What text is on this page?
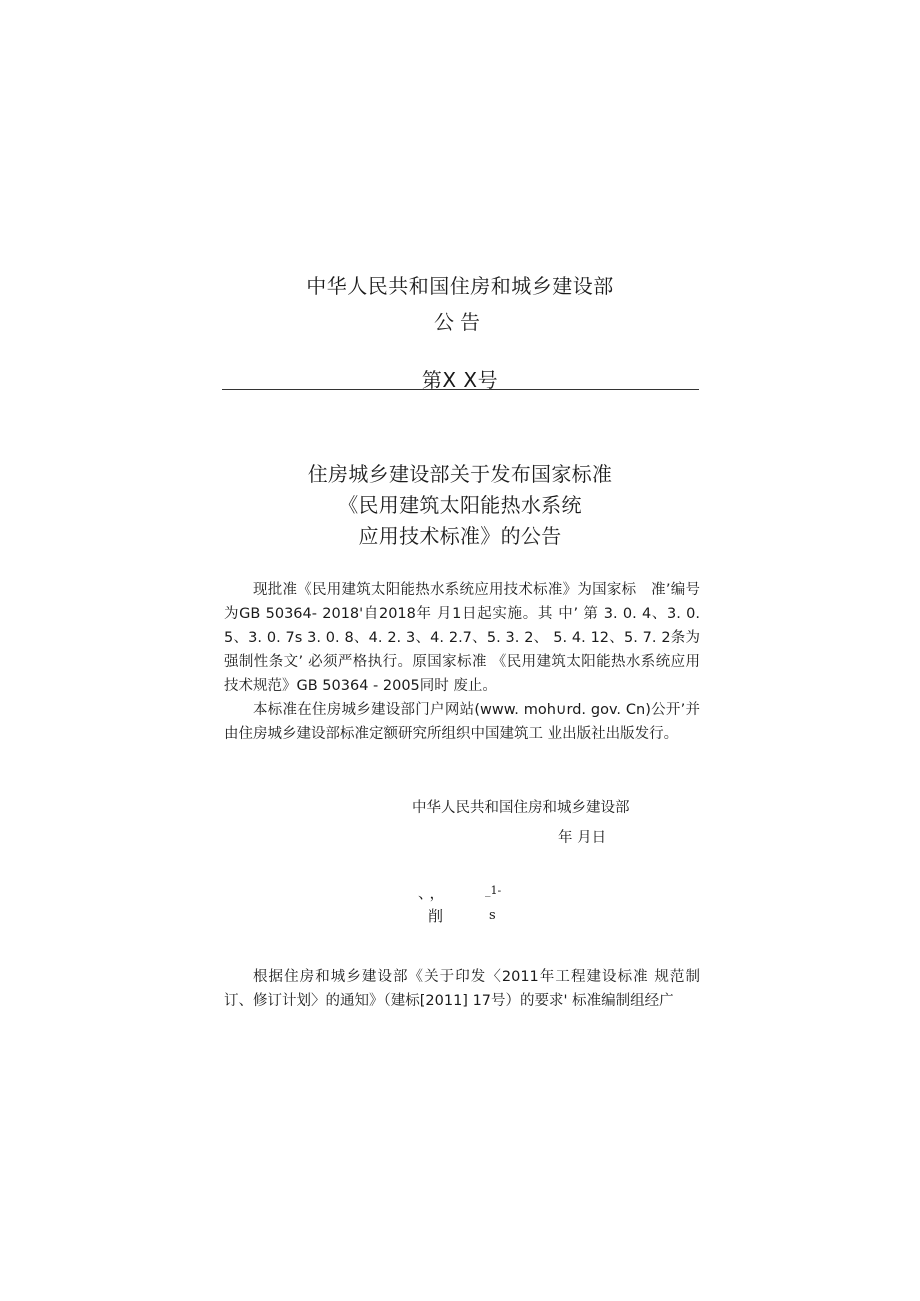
中华人民共和国住房和城乡建设部
公告
第X X号
住房城乡建设部关于发布国家标准
《民用建筑太阳能热水系统
应用技术标准》的公告

现批准《民用建筑太阳能热水系统应用技术标准》为国家标　准’编号为GB 50364- 2018'自2018年 月1日起实施。其 中’ 第 3. 0. 4、3. 0. 5、3. 0. 7s 3. 0. 8、4. 2. 3、4. 2.7、5. 3. 2、 5. 4. 12、5. 7. 2条为强制性条文’ 必须严格执行。原国家标准 《民用建筑太阳能热水系统应用技术规范》GB 50364 - 2005同时 废止。

本标准在住房城乡建设部门户网站(www. moh∪rd. gov. Cn)公开’并由住房城乡建设部标准定额研究所组织中国建筑工 业出版社出版发行。

中华人民共和国住房和城乡建设部
年 月日
、，	_1-
削	s

根据住房和城乡建设部《关于印发〈2011年工程建设标准 规范制订、修订计划〉的通知》（建标[2011] 17号）的要求' 标准编制组经广
